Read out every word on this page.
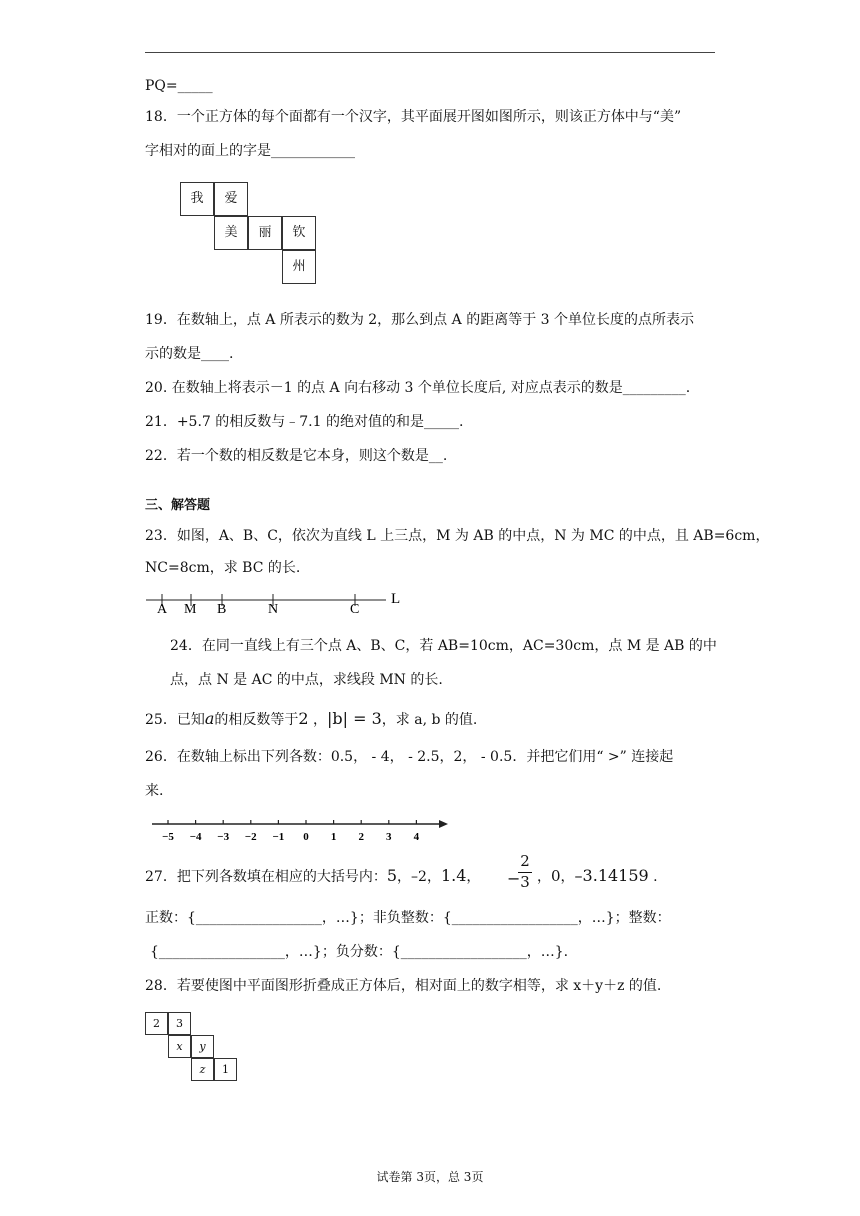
PQ=_____
18．一个正方体的每个面都有一个汉字，其平面展开图如图所示，则该正方体中与“美”
字相对的面上的字是____________
我	爱
美	丽	钦
州
19．在数轴上，点 A 所表示的数为 2，那么到点 A 的距离等于 3 个单位长度的点所表示
示的数是____.
20. 在数轴上将表示－1 的点 A 向右移动 3 个单位长度后, 对应点表示的数是_________.
21．+5.7 的相反数与﹣7.1 的绝对值的和是_____.
22．若一个数的相反数是它本身，则这个数是__.
三、解答题
23．如图，A、B、C，依次为直线 L 上三点，M 为 AB 的中点，N 为 MC 的中点，且 AB=6cm，
NC=8cm，求 BC 的长.
A M B	N	C
L
24．在同一直线上有三个点 A、B、C，若 AB=10cm，AC=30cm，点 M 是 AB 的中
点，点 N 是 AC 的中点，求线段 MN 的长.
25．已知a的相反数等于2 ，|b| = 3，求 a, b 的值.
26．在数轴上标出下列各数：0.5， - 4， - 2.5，2， - 0.5．并把它们用“ >” 连接起
来.
−5 −4 −3 −2 −1 0 1 2 3 4
27．把下列各数填在相应的大括号内：5，–2，1.4， −
$\frac{2}{3}$ ，0，–3.14159 .
正数：{__________________，…}；非负整数：{__________________，…}；整数：
{__________________，…}；负分数：{__________________，…}.
28．若要使图中平面图形折叠成正方体后，相对面上的数字相等，求 x＋y＋z 的值.
2	3
x	y
z	1
试卷第 3页，总 3页
